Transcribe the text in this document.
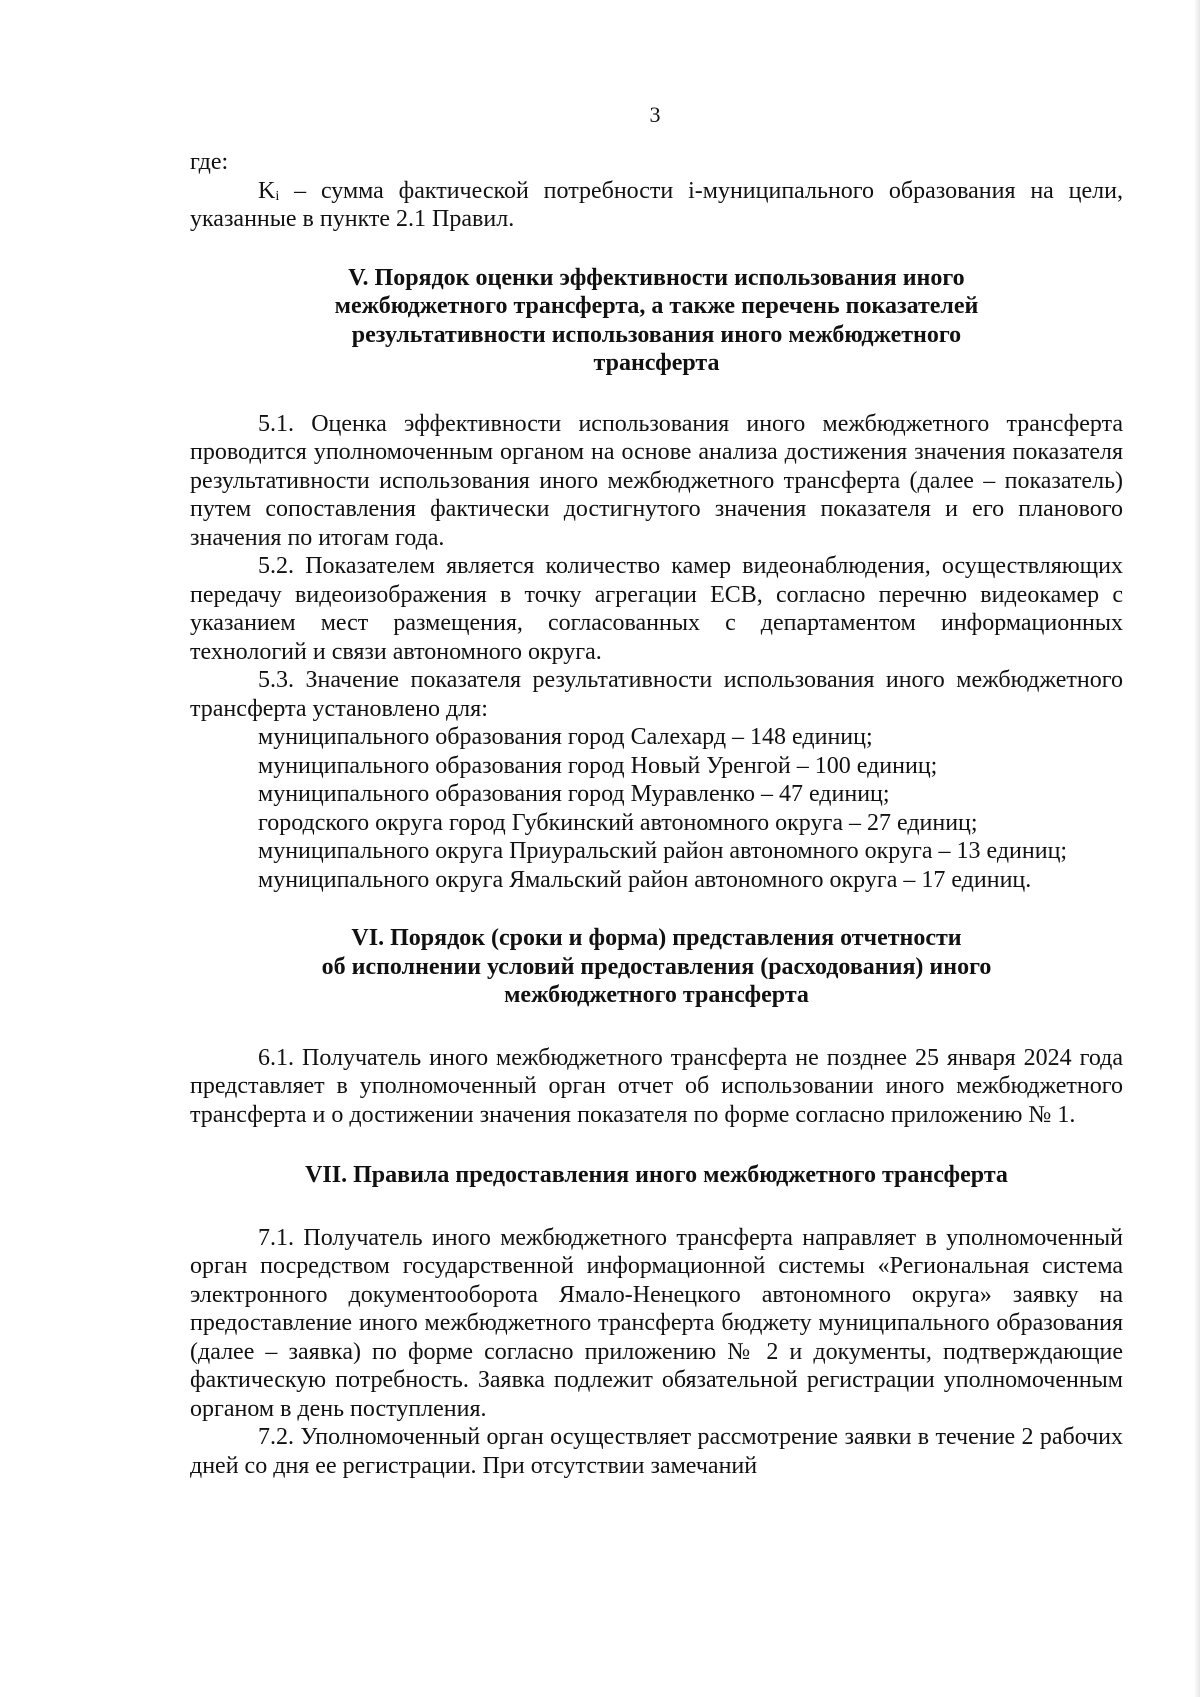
3

где:

Kᵢ – сумма фактической потребности i-муниципального образования на цели, указанные в пункте 2.1 Правил.

V. Порядок оценки эффективности использования иного
межбюджетного трансферта, а также перечень показателей
результативности использования иного межбюджетного
трансферта

5.1. Оценка эффективности использования иного межбюджетного трансферта проводится уполномоченным органом на основе анализа достижения значения показателя результативности использования иного межбюджетного трансферта (далее – показатель) путем сопоставления фактически достигнутого значения показателя и его планового значения по итогам года.

5.2. Показателем является количество камер видеонаблюдения, осуществляющих передачу видеоизображения в точку агрегации ЕСВ, согласно перечню видеокамер с указанием мест размещения, согласованных с департаментом информационных технологий и связи автономного округа.

5.3. Значение показателя результативности использования иного межбюджетного трансферта установлено для:

муниципального образования город Салехард – 148 единиц;

муниципального образования город Новый Уренгой – 100 единиц;

муниципального образования город Муравленко – 47 единиц;

городского округа город Губкинский автономного округа – 27 единиц;

муниципального округа Приуральский район автономного округа – 13 единиц;

муниципального округа Ямальский район автономного округа – 17 единиц.

VI. Порядок (сроки и форма) представления отчетности
об исполнении условий предоставления (расходования) иного
межбюджетного трансферта

6.1. Получатель иного межбюджетного трансферта не позднее 25 января 2024 года представляет в уполномоченный орган отчет об использовании иного межбюджетного трансферта и о достижении значения показателя по форме согласно приложению № 1.

VII. Правила предоставления иного межбюджетного трансферта

7.1. Получатель иного межбюджетного трансферта направляет в уполномоченный орган посредством государственной информационной системы «Региональная система электронного документооборота Ямало-Ненецкого автономного округа» заявку на предоставление иного межбюджетного трансферта бюджету муниципального образования (далее – заявка) по форме согласно приложению № 2 и документы, подтверждающие фактическую потребность. Заявка подлежит обязательной регистрации уполномоченным органом в день поступления.

7.2. Уполномоченный орган осуществляет рассмотрение заявки в течение 2 рабочих дней со дня ее регистрации. При отсутствии замечаний
